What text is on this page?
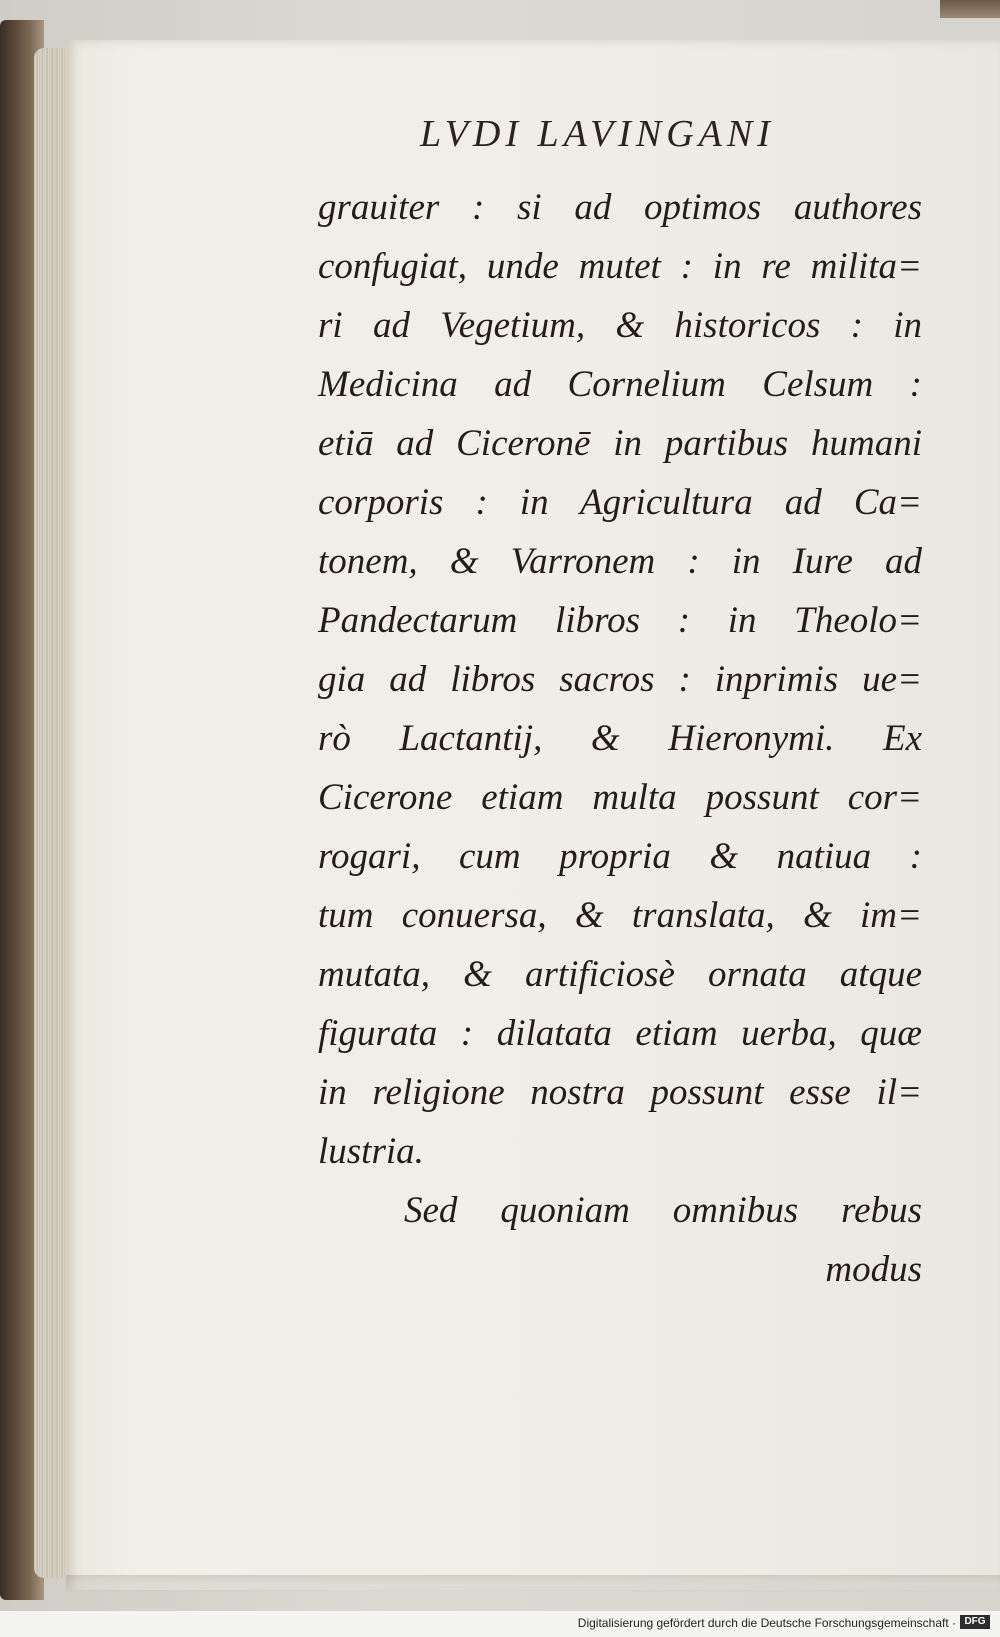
LVDI LAVINGANI
grauiter : si ad optimos authores
confugiat, unde mutet : in re milita=
ri ad Vegetium, & historicos : in
Medicina ad Cornelium Celsum :
etiā ad Ciceronē in partibus humani
corporis : in Agricultura ad Ca=
tonem, & Varronem : in Iure ad
Pandectarum libros : in Theolo=
gia ad libros sacros : inprimis ue=
rò Lactantij, & Hieronymi. Ex
Cicerone etiam multa possunt cor=
rogari, cum propria & natiua :
tum conuersa, & translata, & im=
mutata, & artificiosè ornata atque
figurata : dilatata etiam uerba, quæ
in religione nostra possunt esse il=
lustria.
Sed quoniam omnibus rebus
modus
Digitalisierung gefördert durch die Deutsche Forschungsgemeinschaft · DFG
